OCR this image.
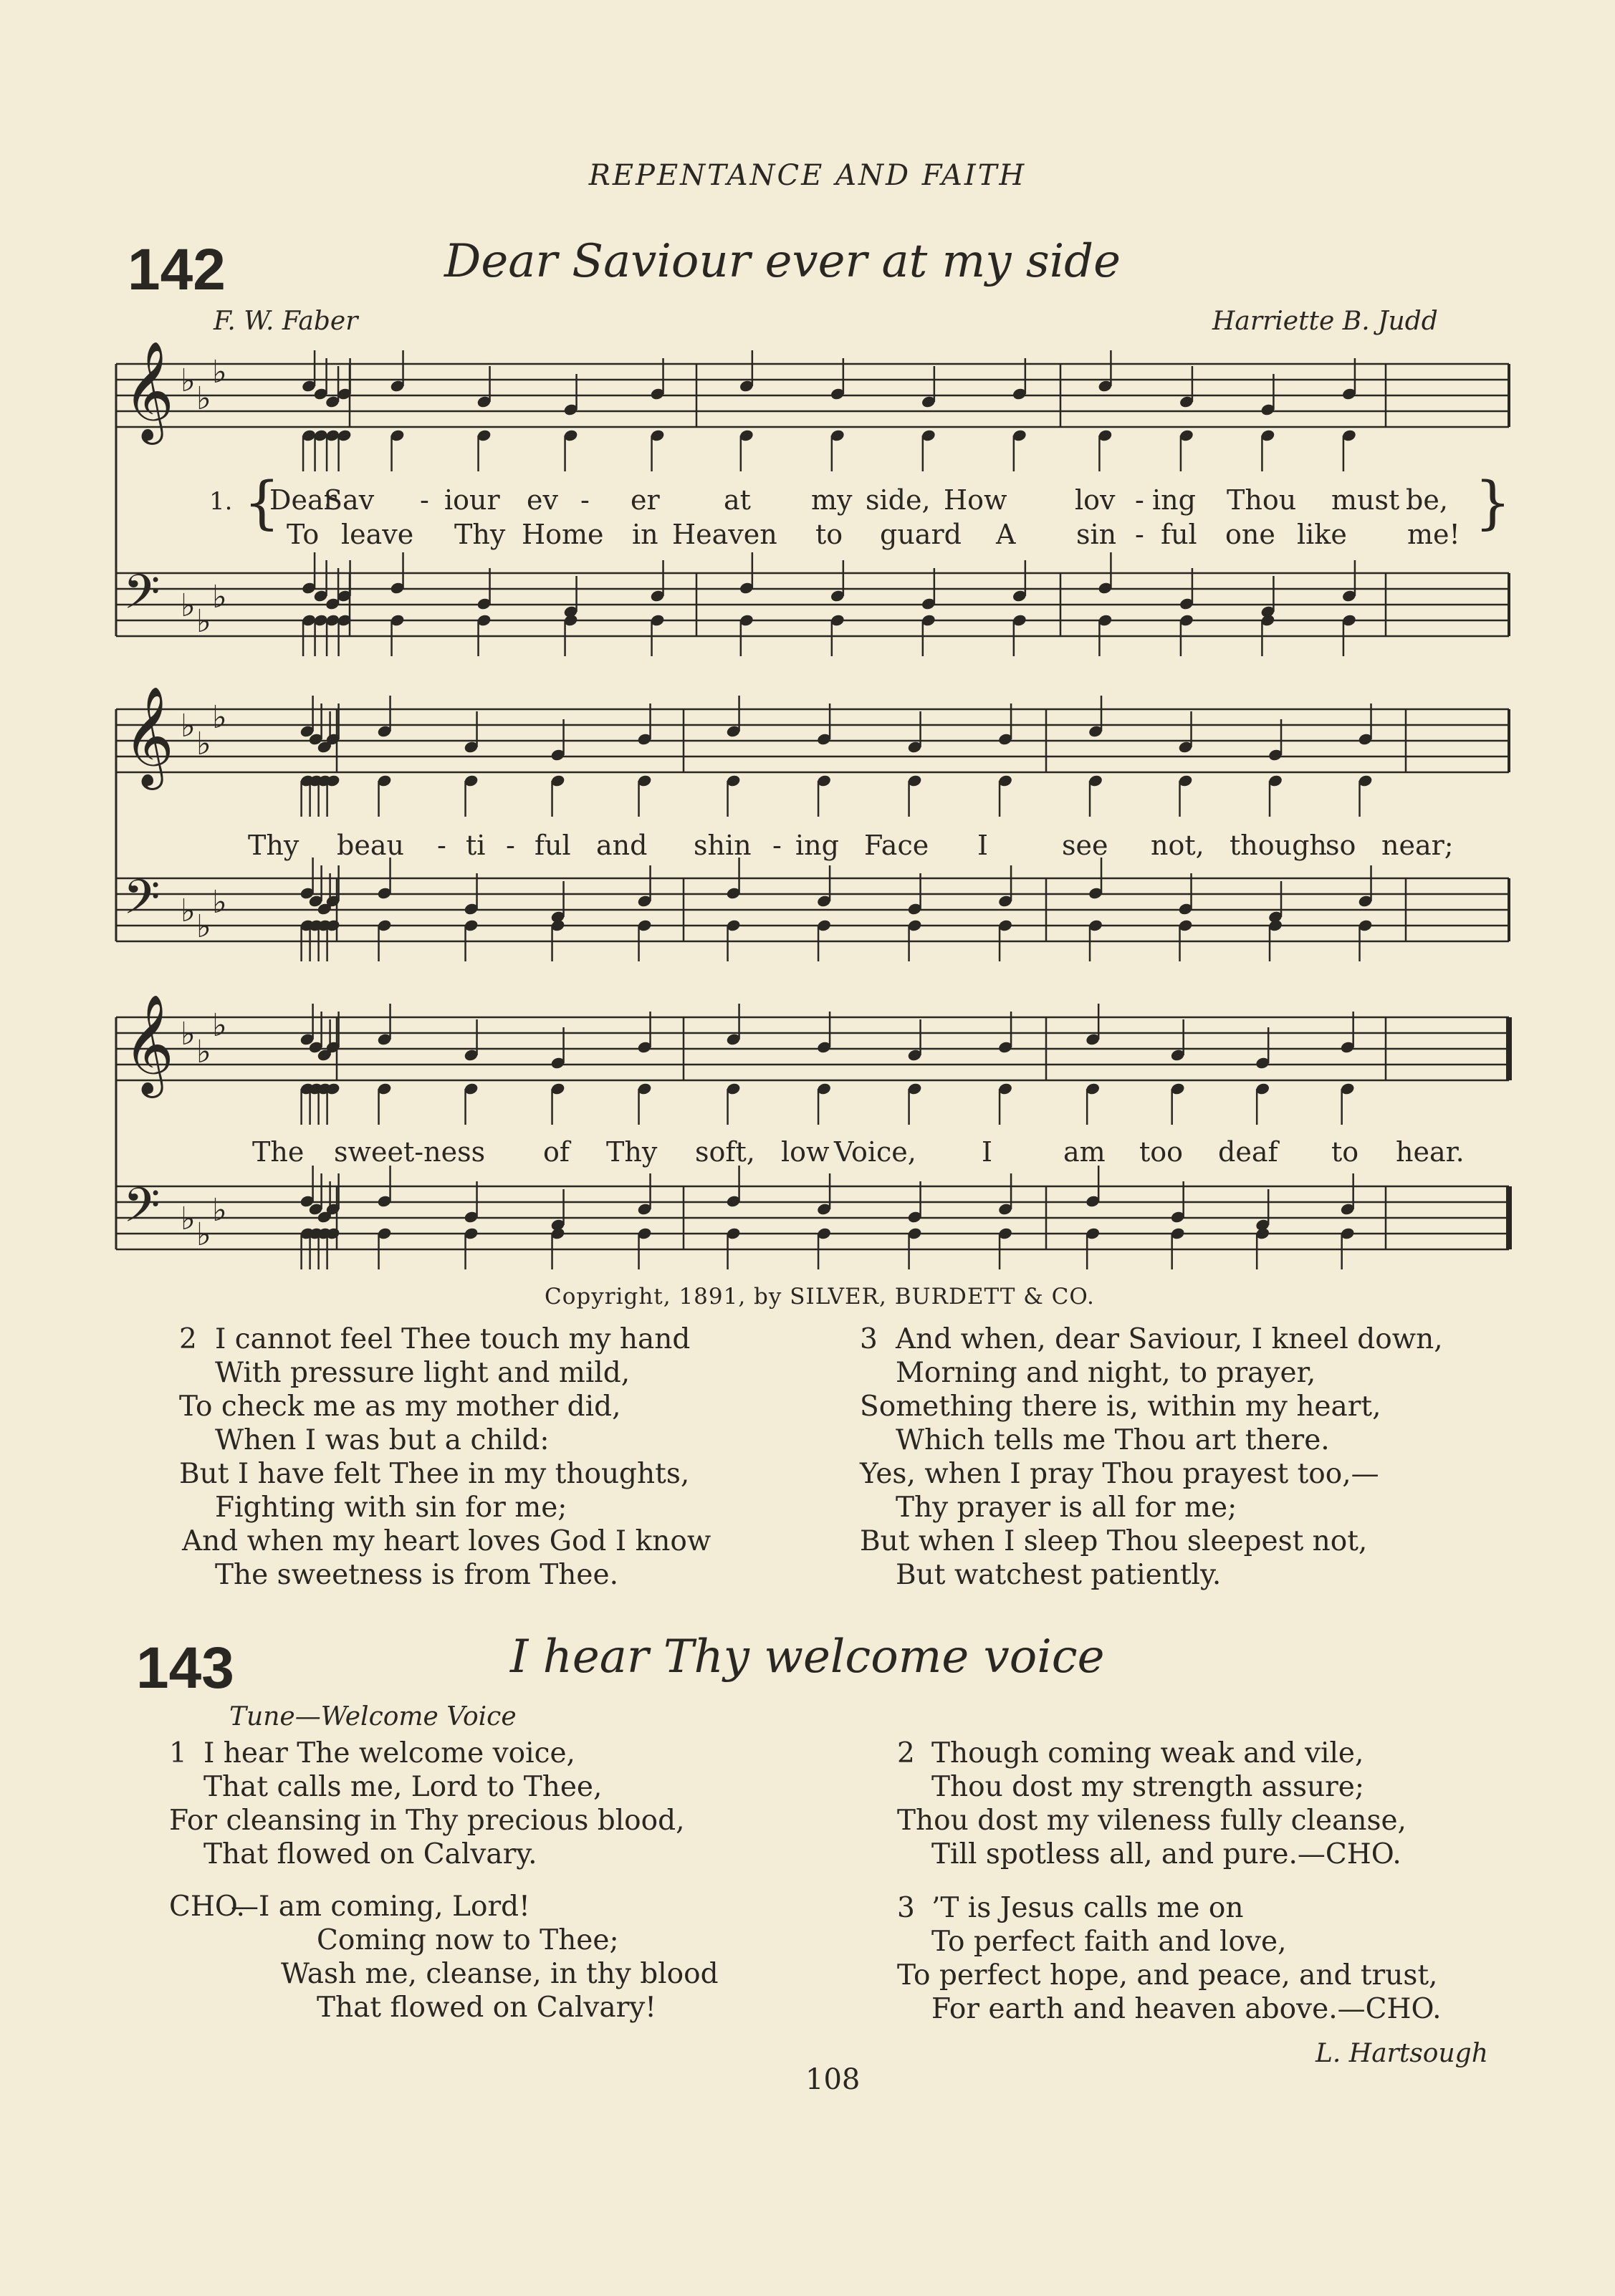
REPENTANCE AND FAITH
142	Dear Saviour ever at my side
F. W. Faber	Harriette B. Judd
𝄞 ♭ ♭
♭
𝄢 ♭ ♭
♭
𝄞 ♭ ♭
♭
𝄢 ♭ ♭
♭
𝄞 ♭ ♭
♭
𝄢 ♭ ♭
♭
1. {	}
Dear
Sav - iour ev - er at my side, How lov - ing Thou must be,
To leave Thy Home in Heaven to guard A sin - ful one like me!
Thy beau - ti - ful and shin - ing Face I	see not, though
so near;
The sweet-ness of Thy soft, low Voice, I	am too deaf to hear.
Copyright, 1891, by SILVER, BURDETT & CO.
2 I cannot feel Thee touch my hand
With pressure light and mild,
To check me as my mother did,
When I was but a child:
But I have felt Thee in my thoughts,
Fighting with sin for me;
And when my heart loves God I know
The sweetness is from Thee.
3 And when, dear Saviour, I kneel down,
Morning and night, to prayer,
Something there is, within my heart,
Which tells me Thou art there.
Yes, when I pray Thou prayest too,—
Thy prayer is all for me;
But when I sleep Thou sleepest not,
But watchest patiently.
143	I hear Thy welcome voice
Tune—Welcome Voice
1 I hear The welcome voice,
That calls me, Lord to Thee,
For cleansing in Thy precious blood,
That flowed on Calvary.
CHO.
—I am coming, Lord!
Coming now to Thee;
Wash me, cleanse, in thy blood
That flowed on Calvary!
2 Though coming weak and vile,
Thou dost my strength assure;
Thou dost my vileness fully cleanse,
Till spotless all, and pure.—CHO.
3 ’T is Jesus calls me on
To perfect faith and love,
To perfect hope, and peace, and trust,
For earth and heaven above.—CHO.
L. Hartsough
108
